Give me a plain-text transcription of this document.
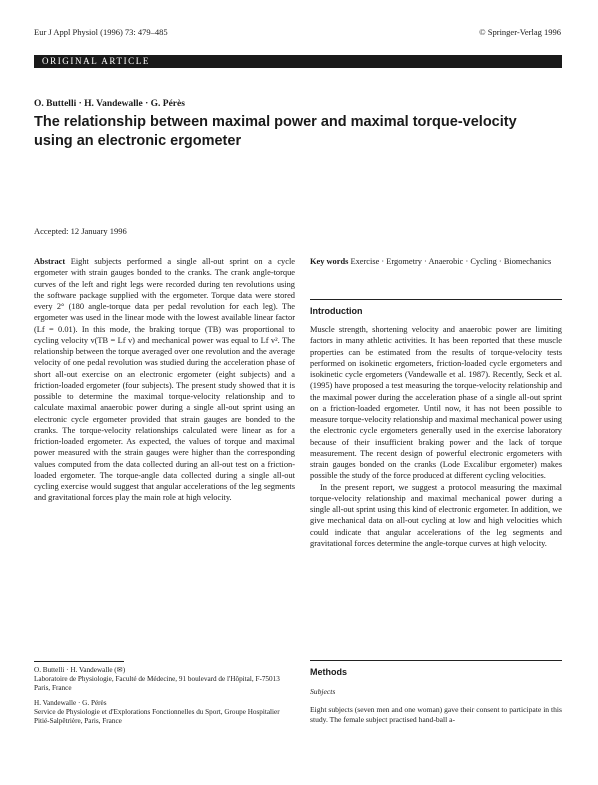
Eur J Appl Physiol (1996) 73: 479–485	© Springer-Verlag 1996
ORIGINAL ARTICLE
O. Buttelli · H. Vandewalle · G. Pérès
The relationship between maximal power and maximal torque-velocity using an electronic ergometer
Accepted: 12 January 1996

Abstract Eight subjects performed a single all-out sprint on a cycle ergometer with strain gauges bonded to the cranks. The crank angle-torque curves of the left and right legs were recorded during ten revolutions using the software package supplied with the ergometer. Torque data were stored every 2° (180 angle-torque data per pedal revolution for each leg). The ergometer was used in the linear mode with the lowest available linear factor (Lf = 0.01). In this mode, the braking torque (TB) was proportional to cycling velocity v(TB = Lf v) and mechanical power was equal to Lf v². The relationship between the torque averaged over one revolution and the average velocity of one pedal revolution was studied during the acceleration phase of short all-out exercise on an electronic ergometer (eight subjects) and a friction-loaded ergometer (four subjects). The present study showed that it is possible to determine the maximal torque-velocity relationship and to calculate maximal anaerobic power during a single all-out sprint using an electronic cycle ergometer provided that strain gauges are bonded to the cranks. The torque-velocity relationships calculated were linear as for a friction-loaded ergometer. As expected, the values of torque and maximal power measured with the strain gauges were higher than the corresponding values computed from the data collected during an all-out test on a friction-loaded ergometer. The torque-angle data collected during a single all-out cycling exercise would suggest that angular accelerations of the leg segments and gravitational forces play the main role at high velocity.

Key words Exercise · Ergometry · Anaerobic · Cycling · Biomechanics

Introduction

Muscle strength, shortening velocity and anaerobic power are limiting factors in many athletic activities. It has been reported that these muscle properties can be estimated from the results of torque-velocity tests performed on isokinetic ergometers, friction-loaded cycle ergometers and isokinetic cycle ergometers (Vandewalle et al. 1987). Recently, Seck et al. (1995) have proposed a test measuring the torque-velocity relationship and the maximal power during the acceleration phase of a single all-out sprint on a friction-loaded ergometer. Until now, it has not been possible to measure torque-velocity relationship and maximal mechanical power using the electronic cycle ergometers generally used in the exercise laboratory because of their insufficient braking power and the lack of torque measurement. The recent design of powerful electronic ergometers with strain gauges bonded on the cranks (Lode Excalibur ergometer) makes possible the study of the force produced at different cycling velocities.

In the present report, we suggest a protocol measuring the maximal torque-velocity relationship and maximal mechanical power during a single all-out sprint using this kind of electronic ergometer. In addition, we give mechanical data on all-out cycling at low and high velocities which could indicate that angular accelerations of the leg segments and gravitational forces determine the angle-torque curves at high velocity.

O. Buttelli · H. Vandewalle (✉)
Laboratoire de Physiologie, Faculté de Médecine, 91 boulevard de l'Hôpital, F-75013 Paris, France

H. Vandewalle · G. Pérès
Service de Physiologie et d'Explorations Fonctionnelles du Sport, Groupe Hospitalier Pitié-Salpêtrière, Paris, France

Methods
Subjects

Eight subjects (seven men and one woman) gave their consent to participate in this study. The female subject practised hand-ball a-
